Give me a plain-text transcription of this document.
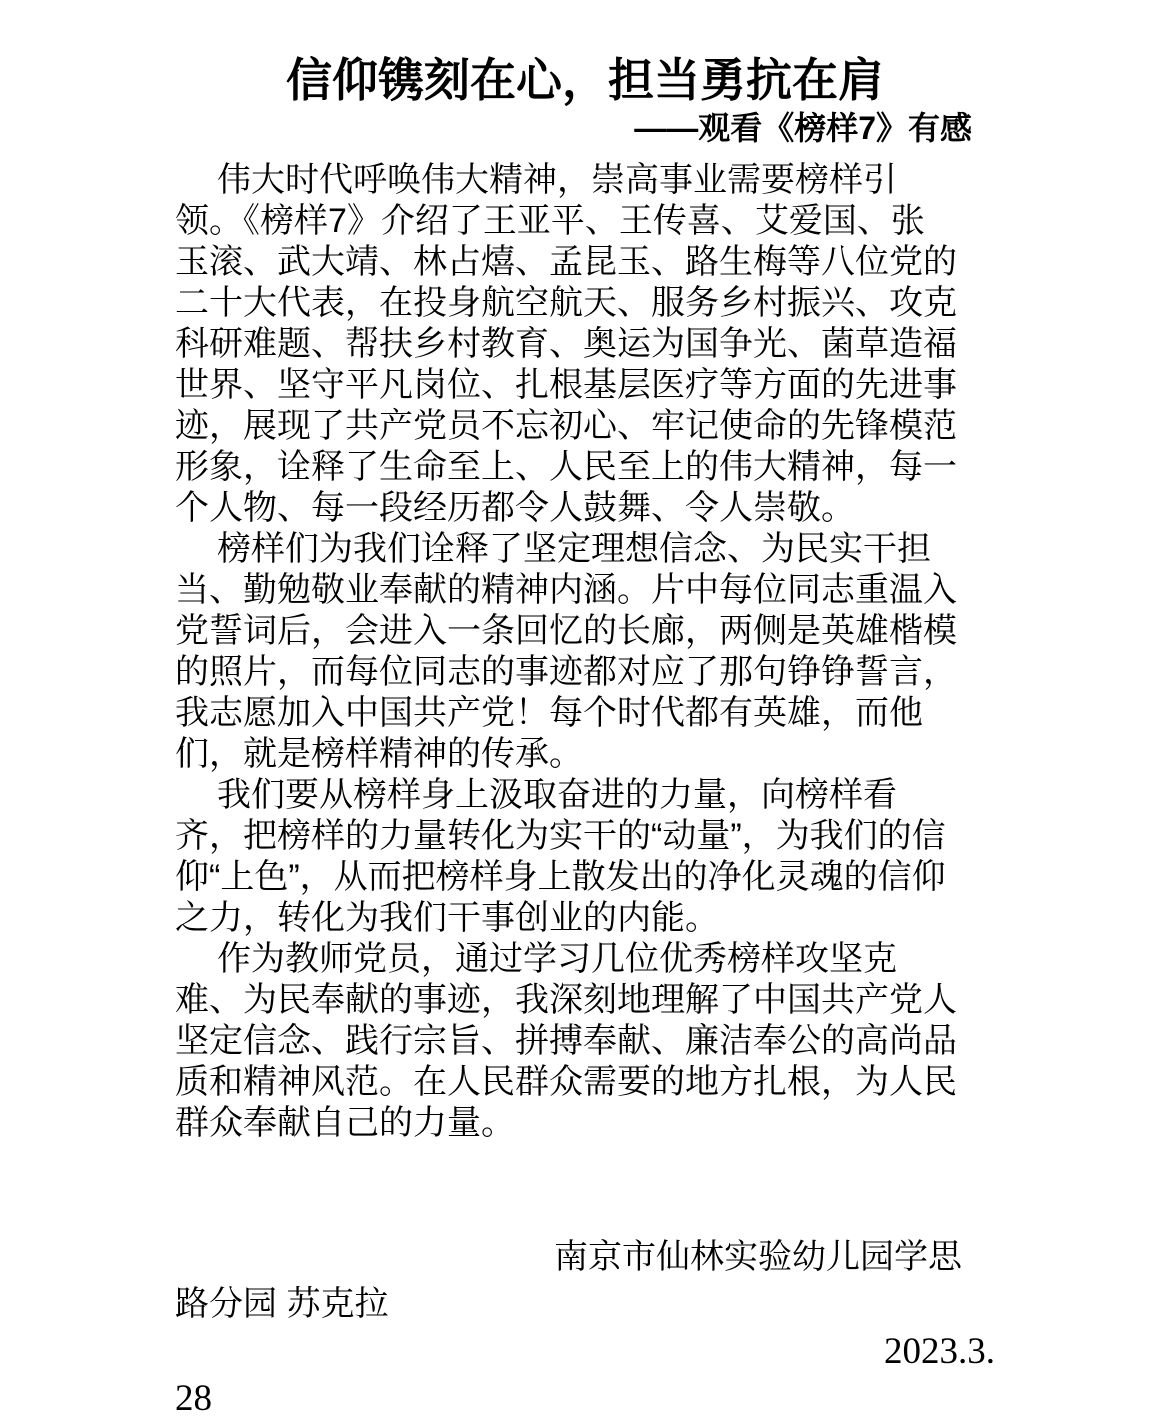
信仰镌刻在心，担当勇抗在肩
——观看《榜样7》有感
伟大时代呼唤伟大精神，崇高事业需要榜样引
领。《榜样7》介绍了王亚平、王传喜、艾爱国、张
玉滚、武大靖、林占熺、孟昆玉、路生梅等八位党的
二十大代表，在投身航空航天、服务乡村振兴、攻克
科研难题、帮扶乡村教育、奥运为国争光、菌草造福
世界、坚守平凡岗位、扎根基层医疗等方面的先进事
迹，展现了共产党员不忘初心、牢记使命的先锋模范
形象，诠释了生命至上、人民至上的伟大精神，每一
个人物、每一段经历都令人鼓舞、令人崇敬。
榜样们为我们诠释了坚定理想信念、为民实干担
当、勤勉敬业奉献的精神内涵。片中每位同志重温入
党誓词后，会进入一条回忆的长廊，两侧是英雄楷模
的照片，而每位同志的事迹都对应了那句铮铮誓言，
我志愿加入中国共产党！每个时代都有英雄，而他
们，就是榜样精神的传承。
我们要从榜样身上汲取奋进的力量，向榜样看
齐，把榜样的力量转化为实干的“动量”，为我们的信
仰“上色”，从而把榜样身上散发出的净化灵魂的信仰
之力，转化为我们干事创业的内能。
作为教师党员，通过学习几位优秀榜样攻坚克
难、为民奉献的事迹，我深刻地理解了中国共产党人
坚定信念、践行宗旨、拼搏奉献、廉洁奉公的高尚品
质和精神风范。在人民群众需要的地方扎根，为人民
群众奉献自己的力量。
南京市仙林实验幼儿园学思
路分园 苏克拉
2023.3.
28
